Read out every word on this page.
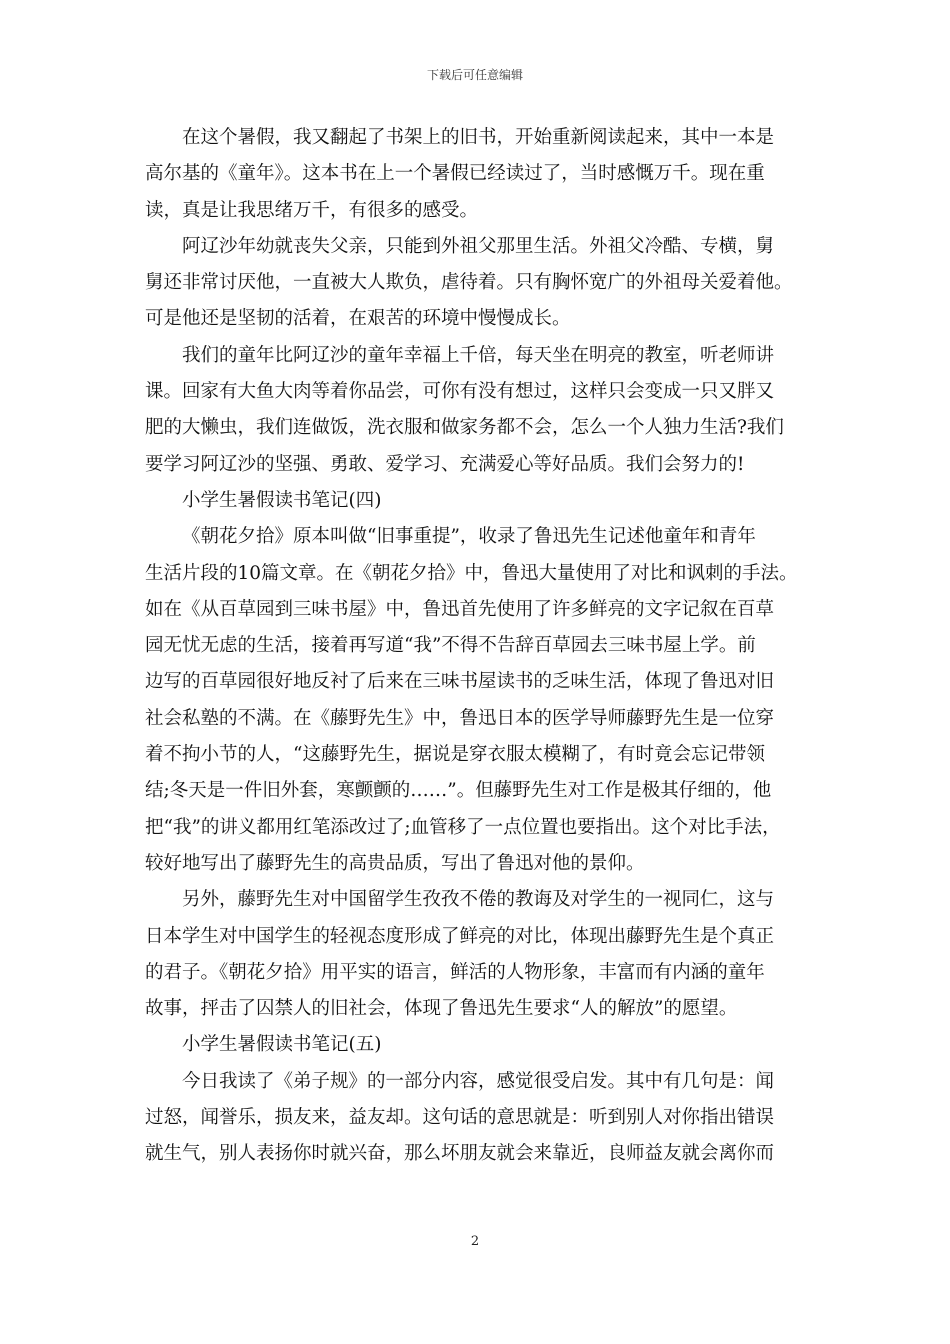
下载后可任意编辑
在这个暑假，我又翻起了书架上的旧书，开始重新阅读起来，其中一本是
高尔基的《童年》。这本书在上一个暑假已经读过了，当时感慨万千。现在重
读，真是让我思绪万千，有很多的感受。
阿辽沙年幼就丧失父亲，只能到外祖父那里生活。外祖父冷酷、专横，舅
舅还非常讨厌他，一直被大人欺负，虐待着。只有胸怀宽广的外祖母关爱着他。
可是他还是坚韧的活着，在艰苦的环境中慢慢成长。
我们的童年比阿辽沙的童年幸福上千倍，每天坐在明亮的教室，听老师讲
课。回家有大鱼大肉等着你品尝，可你有没有想过，这样只会变成一只又胖又
肥的大懒虫，我们连做饭，洗衣服和做家务都不会，怎么一个人独力生活?我们
要学习阿辽沙的坚强、勇敢、爱学习、充满爱心等好品质。我们会努力的!
小学生暑假读书笔记(四)
《朝花夕拾》原本叫做“旧事重提”，收录了鲁迅先生记述他童年和青年
生活片段的10篇文章。在《朝花夕拾》中，鲁迅大量使用了对比和讽刺的手法。
如在《从百草园到三味书屋》中，鲁迅首先使用了许多鲜亮的文字记叙在百草
园无忧无虑的生活，接着再写道“我”不得不告辞百草园去三味书屋上学。前
边写的百草园很好地反衬了后来在三味书屋读书的乏味生活，体现了鲁迅对旧
社会私塾的不满。在《藤野先生》中，鲁迅日本的医学导师藤野先生是一位穿
着不拘小节的人，“这藤野先生，据说是穿衣服太模糊了，有时竟会忘记带领
结;冬天是一件旧外套，寒颤颤的……”。但藤野先生对工作是极其仔细的，他
把“我”的讲义都用红笔添改过了;血管移了一点位置也要指出。这个对比手法，
较好地写出了藤野先生的高贵品质，写出了鲁迅对他的景仰。
另外，藤野先生对中国留学生孜孜不倦的教诲及对学生的一视同仁，这与
日本学生对中国学生的轻视态度形成了鲜亮的对比，体现出藤野先生是个真正
的君子。《朝花夕拾》用平实的语言，鲜活的人物形象，丰富而有内涵的童年
故事，抨击了囚禁人的旧社会，体现了鲁迅先生要求“人的解放”的愿望。
小学生暑假读书笔记(五)
今日我读了《弟子规》的一部分内容，感觉很受启发。其中有几句是：闻
过怒，闻誉乐，损友来，益友却。这句话的意思就是：听到别人对你指出错误
就生气，别人表扬你时就兴奋，那么坏朋友就会来靠近，良师益友就会离你而
2
